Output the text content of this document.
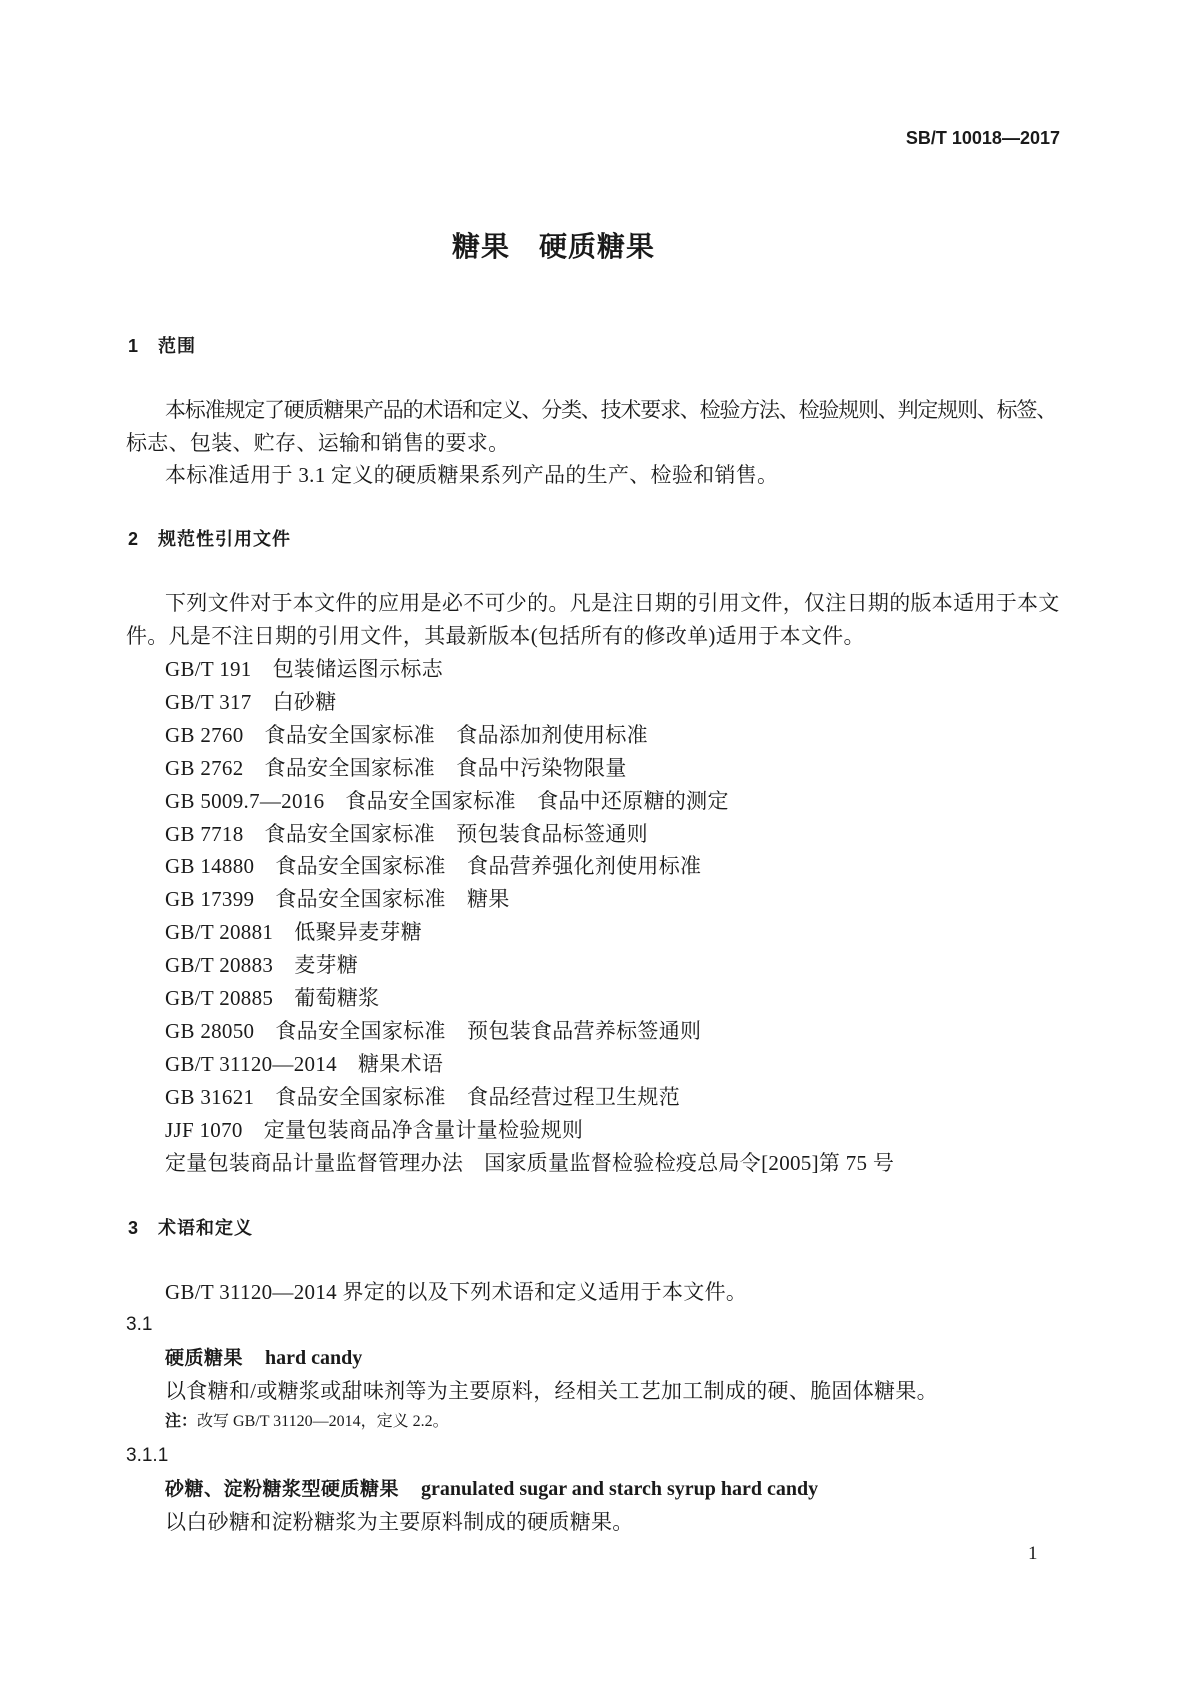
SB/T 10018—2017
糖果　硬质糖果
1 范围
本标准规定了硬质糖果产品的术语和定义、分类、技术要求、检验方法、检验规则、判定规则、标签、
标志、包装、贮存、运输和销售的要求。
本标准适用于 3.1 定义的硬质糖果系列产品的生产、检验和销售。
2 规范性引用文件
下列文件对于本文件的应用是必不可少的。凡是注日期的引用文件，仅注日期的版本适用于本文
件。凡是不注日期的引用文件，其最新版本(包括所有的修改单)适用于本文件。
GB/T 191 包装储运图示标志
GB/T 317 白砂糖
GB 2760 食品安全国家标准　食品添加剂使用标准
GB 2762 食品安全国家标准　食品中污染物限量
GB 5009.7—2016 食品安全国家标准　食品中还原糖的测定
GB 7718 食品安全国家标准　预包装食品标签通则
GB 14880 食品安全国家标准　食品营养强化剂使用标准
GB 17399 食品安全国家标准　糖果
GB/T 20881 低聚异麦芽糖
GB/T 20883 麦芽糖
GB/T 20885 葡萄糖浆
GB 28050 食品安全国家标准　预包装食品营养标签通则
GB/T 31120—2014 糖果术语
GB 31621 食品安全国家标准　食品经营过程卫生规范
JJF 1070 定量包装商品净含量计量检验规则
定量包装商品计量监督管理办法 国家质量监督检验检疫总局令[2005]第 75 号
3 术语和定义
GB/T 31120—2014 界定的以及下列术语和定义适用于本文件。
3.1
硬质糖果 hard candy
以食糖和/或糖浆或甜味剂等为主要原料，经相关工艺加工制成的硬、脆固体糖果。
注：改写 GB/T 31120—2014，定义 2.2。
3.1.1
砂糖、淀粉糖浆型硬质糖果 granulated sugar and starch syrup hard candy
以白砂糖和淀粉糖浆为主要原料制成的硬质糖果。
1
